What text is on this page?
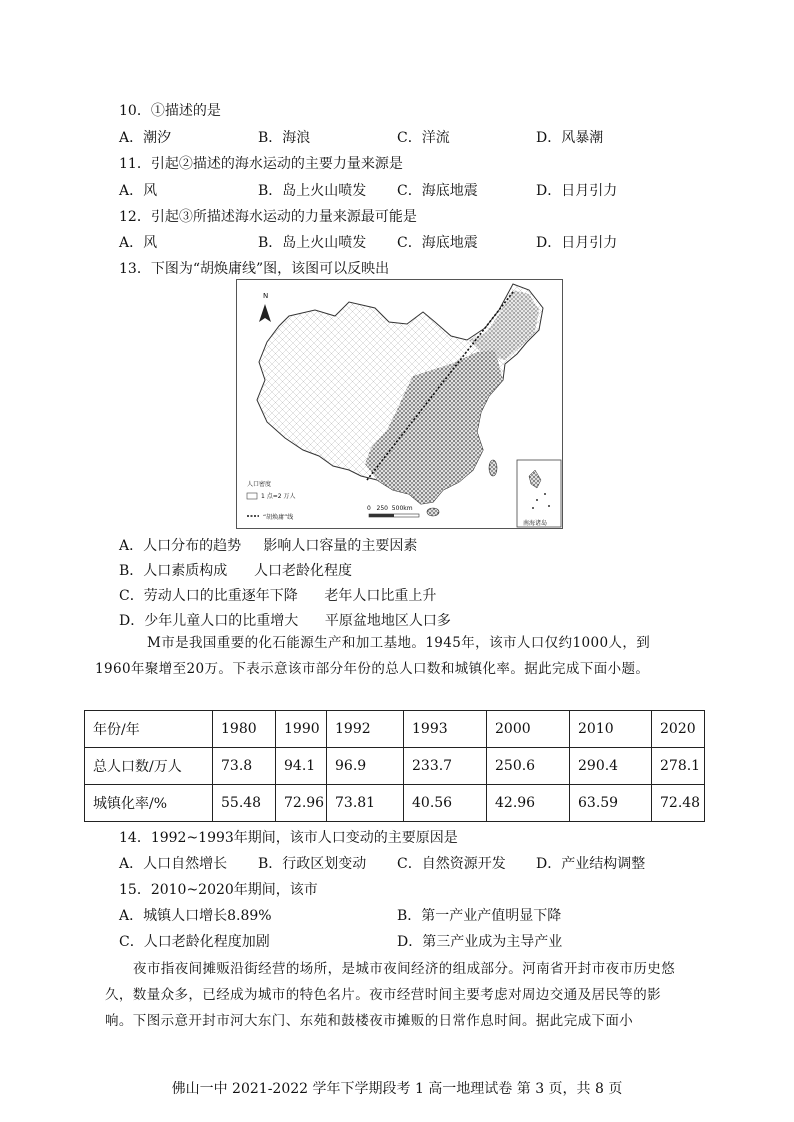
10．①描述的是
A．潮汐	B．海浪	C．洋流	D．风暴潮
11．引起②描述的海水运动的主要力量来源是
A．风	B．岛上火山喷发 C．海底地震	D．日月引力
12．引起③所描述海水运动的力量来源最可能是
A．风	B．岛上火山喷发 C．海底地震	D．日月引力
13．下图为“胡焕庸线”图，该图可以反映出
N
人口密度
1 点=2 万人
“胡焕庸”线
0   250  500km
南海诸岛
A．人口分布的趋势     影响人口容量的主要因素
B．人口素质构成      人口老龄化程度
C．劳动人口的比重逐年下降      老年人口比重上升
D．少年儿童人口的比重增大      平原盆地地区人口多
M市是我国重要的化石能源生产和加工基地。1945年，该市人口仅约1000人，到1960年聚增至20万。下表示意该市部分年份的总人口数和城镇化率。据此完成下面小题。
年份/年	1980	1990	1992	1993	2000	2010	2020
总人口数/万人	73.8	94.1	96.9	233.7	250.6	290.4	278.1
城镇化率/%	55.48	72.96	73.81	40.56	42.96	63.59	72.48
14．1992~1993年期间，该市人口变动的主要原因是
A．人口自然增长 B．行政区划变动 C．自然资源开发 D．产业结构调整
15．2010~2020年期间，该市
A．城镇人口增长8.89%	B．第一产业产值明显下降
C．人口老龄化程度加剧	D．第三产业成为主导产业
夜市指夜间摊贩沿街经营的场所，是城市夜间经济的组成部分。河南省开封市夜市历史悠久，数量众多，已经成为城市的特色名片。夜市经营时间主要考虑对周边交通及居民等的影响。下图示意开封市河大东门、东苑和鼓楼夜市摊贩的日常作息时间。据此完成下面小
佛山一中 2021-2022 学年下学期段考 1 高一地理试卷 第 3 页，共 8 页
